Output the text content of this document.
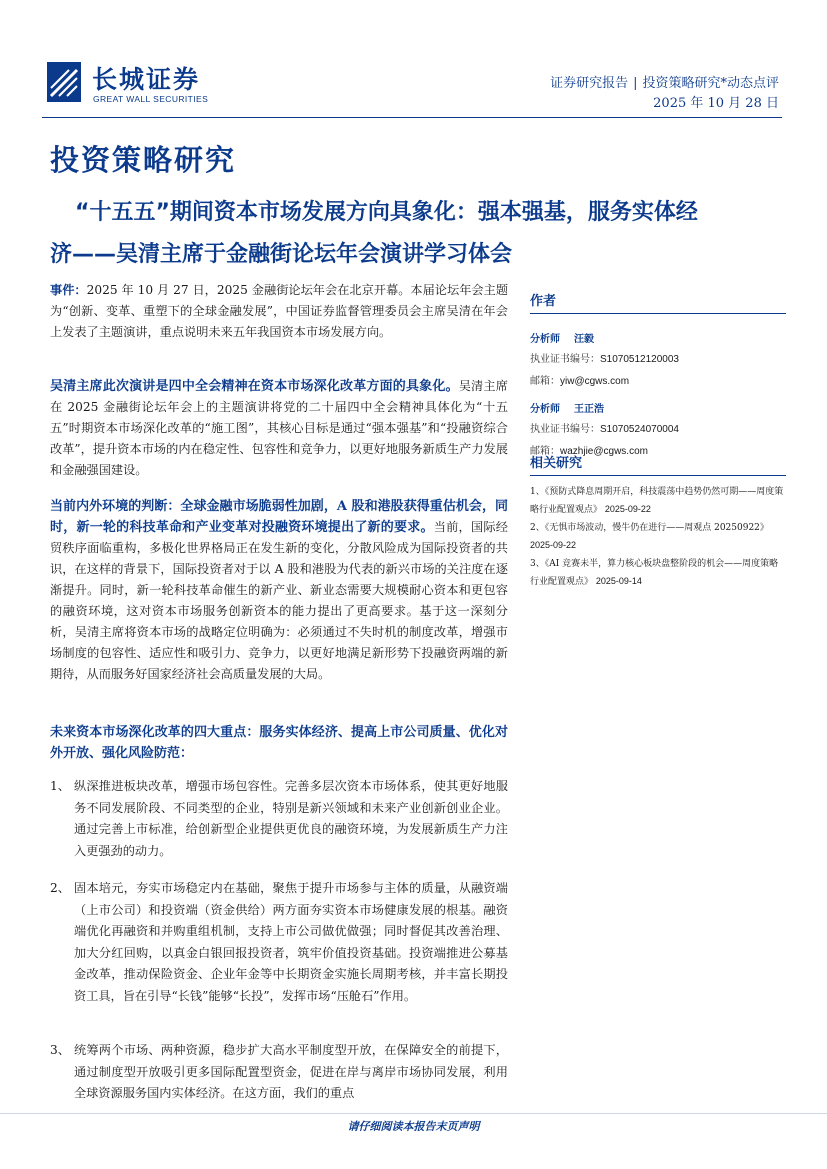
长城证券
GREAT WALL SECURITIES
证券研究报告 | 投资策略研究*动态点评
2025 年 10 月 28 日
投资策略研究
“十五五”期间资本市场发展方向具象化：强本强基，服务实体经
济——吴清主席于金融街论坛年会演讲学习体会
事件：2025 年 10 月 27 日，2025 金融街论坛年会在北京开幕。本届论坛年会主题为“创新、变革、重塑下的全球金融发展”，中国证券监督管理委员会主席吴清在年会上发表了主题演讲，重点说明未来五年我国资本市场发展方向。
吴清主席此次演讲是四中全会精神在资本市场深化改革方面的具象化。吴清主席在 2025 金融街论坛年会上的主题演讲将党的二十届四中全会精神具体化为“十五五”时期资本市场深化改革的“施工图”，其核心目标是通过“强本强基”和“投融资综合改革”，提升资本市场的内在稳定性、包容性和竞争力，以更好地服务新质生产力发展和金融强国建设。
当前内外环境的判断：全球金融市场脆弱性加剧，A 股和港股获得重估机会，同时，新一轮的科技革命和产业变革对投融资环境提出了新的要求。当前，国际经贸秩序面临重构，多极化世界格局正在发生新的变化，分散风险成为国际投资者的共识，在这样的背景下，国际投资者对于以 A 股和港股为代表的新兴市场的关注度在逐渐提升。同时，新一轮科技革命催生的新产业、新业态需要大规模耐心资本和更包容的融资环境，这对资本市场服务创新资本的能力提出了更高要求。基于这一深刻分析，吴清主席将资本市场的战略定位明确为：必须通过不失时机的制度改革，增强市场制度的包容性、适应性和吸引力、竞争力，以更好地满足新形势下投融资两端的新期待，从而服务好国家经济社会高质量发展的大局。
未来资本市场深化改革的四大重点：服务实体经济、提高上市公司质量、优化对外开放、强化风险防范：
1、 纵深推进板块改革，增强市场包容性。完善多层次资本市场体系，使其更好地服务不同发展阶段、不同类型的企业，特别是新兴领域和未来产业创新创业企业。通过完善上市标准，给创新型企业提供更优良的融资环境，为发展新质生产力注入更强劲的动力。
2、 固本培元，夯实市场稳定内在基础，聚焦于提升市场参与主体的质量，从融资端（上市公司）和投资端（资金供给）两方面夯实资本市场健康发展的根基。融资端优化再融资和并购重组机制，支持上市公司做优做强；同时督促其改善治理、加大分红回购，以真金白银回报投资者，筑牢价值投资基础。投资端推进公募基金改革，推动保险资金、企业年金等中长期资金实施长周期考核，并丰富长期投资工具，旨在引导“长钱”能够“长投”，发挥市场“压舱石”作用。
3、 统筹两个市场、两种资源，稳步扩大高水平制度型开放，在保障安全的前提下，通过制度型开放吸引更多国际配置型资金，促进在岸与离岸市场协同发展，利用全球资源服务国内实体经济。在这方面，我们的重点
作者
分析师 汪毅
执业证书编号：S1070512120003
邮箱：yiw@cgws.com
分析师 王正浩
执业证书编号：S1070524070004
邮箱：wazhjie@cgws.com
相关研究
1、《预防式降息周期开启，科技震荡中趋势仍然可期——周度策略行业配置观点》 2025-09-22
2、《无惧市场波动，慢牛仍在进行——周观点 20250922》 2025-09-22
3、《AI 竞赛未半，算力核心板块盘整阶段的机会——周度策略行业配置观点》 2025-09-14
请仔细阅读本报告末页声明
